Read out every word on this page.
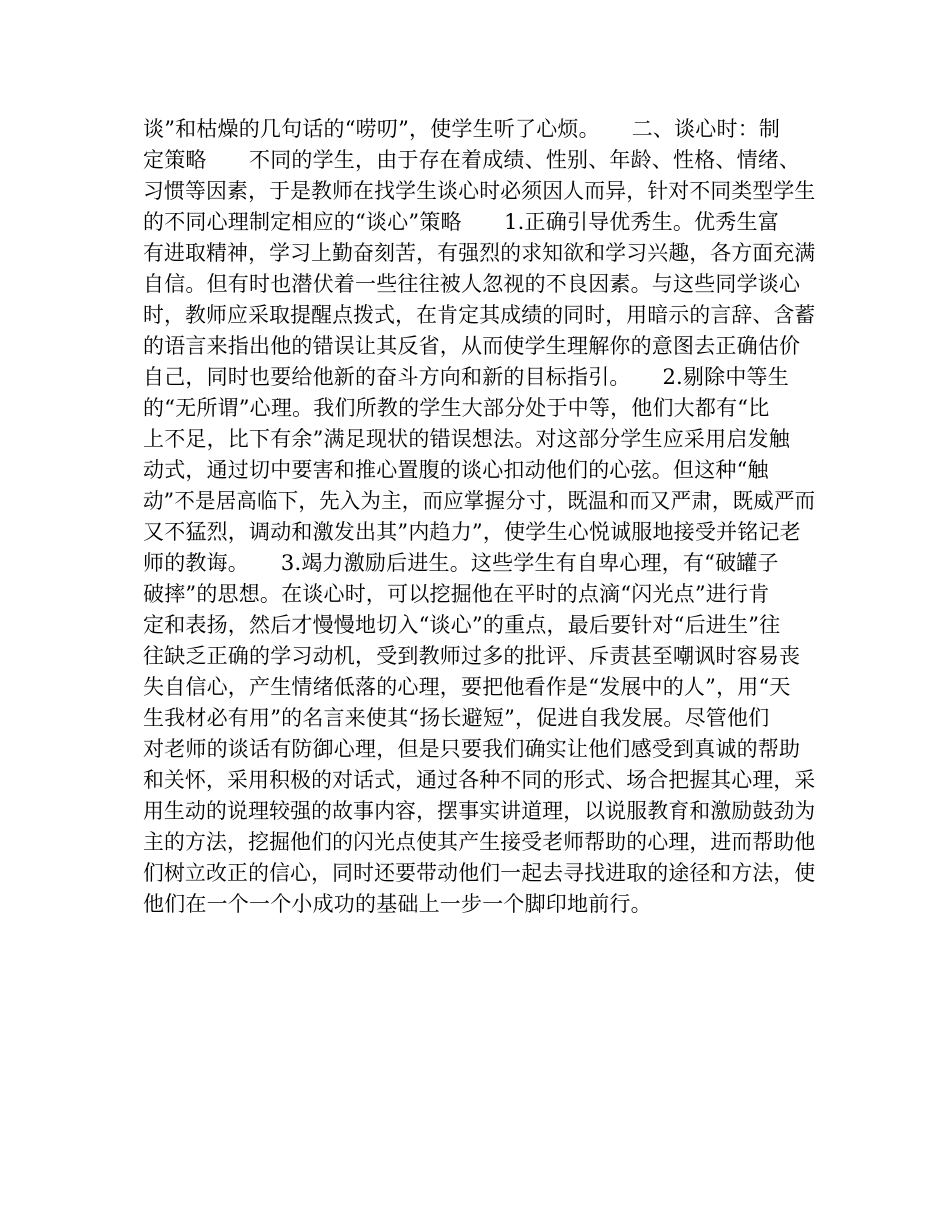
谈”和枯燥的几句话的“唠叨”，使学生听了心烦。　　二、谈心时：制
定策略　　不同的学生，由于存在着成绩、性别、年龄、性格、情绪、
习惯等因素，于是教师在找学生谈心时必须因人而异，针对不同类型学生
的不同心理制定相应的“谈心”策略　　1.正确引导优秀生。优秀生富
有进取精神，学习上勤奋刻苦，有强烈的求知欲和学习兴趣，各方面充满
自信。但有时也潜伏着一些往往被人忽视的不良因素。与这些同学谈心
时，教师应采取提醒点拨式，在肯定其成绩的同时，用暗示的言辞、含蓄
的语言来指出他的错误让其反省，从而使学生理解你的意图去正确估价
自己，同时也要给他新的奋斗方向和新的目标指引。　　2.剔除中等生
的“无所谓”心理。我们所教的学生大部分处于中等，他们大都有“比
上不足，比下有余”满足现状的错误想法。对这部分学生应采用启发触
动式，通过切中要害和推心置腹的谈心扣动他们的心弦。但这种“触
动”不是居高临下，先入为主，而应掌握分寸，既温和而又严肃，既威严而
又不猛烈，调动和激发出其”内趋力”，使学生心悦诚服地接受并铭记老
师的教诲。　　3.竭力激励后进生。这些学生有自卑心理，有“破罐子
破摔”的思想。在谈心时，可以挖掘他在平时的点滴“闪光点”进行肯
定和表扬，然后才慢慢地切入“谈心”的重点，最后要针对“后进生”往
往缺乏正确的学习动机，受到教师过多的批评、斥责甚至嘲讽时容易丧
失自信心，产生情绪低落的心理，要把他看作是“发展中的人”，用“天
生我材必有用”的名言来使其“扬长避短”，促进自我发展。尽管他们
对老师的谈话有防御心理，但是只要我们确实让他们感受到真诚的帮助
和关怀，采用积极的对话式，通过各种不同的形式、场合把握其心理，采
用生动的说理较强的故事内容，摆事实讲道理，以说服教育和激励鼓劲为
主的方法，挖掘他们的闪光点使其产生接受老师帮助的心理，进而帮助他
们树立改正的信心，同时还要带动他们一起去寻找进取的途径和方法，使
他们在一个一个小成功的基础上一步一个脚印地前行。
